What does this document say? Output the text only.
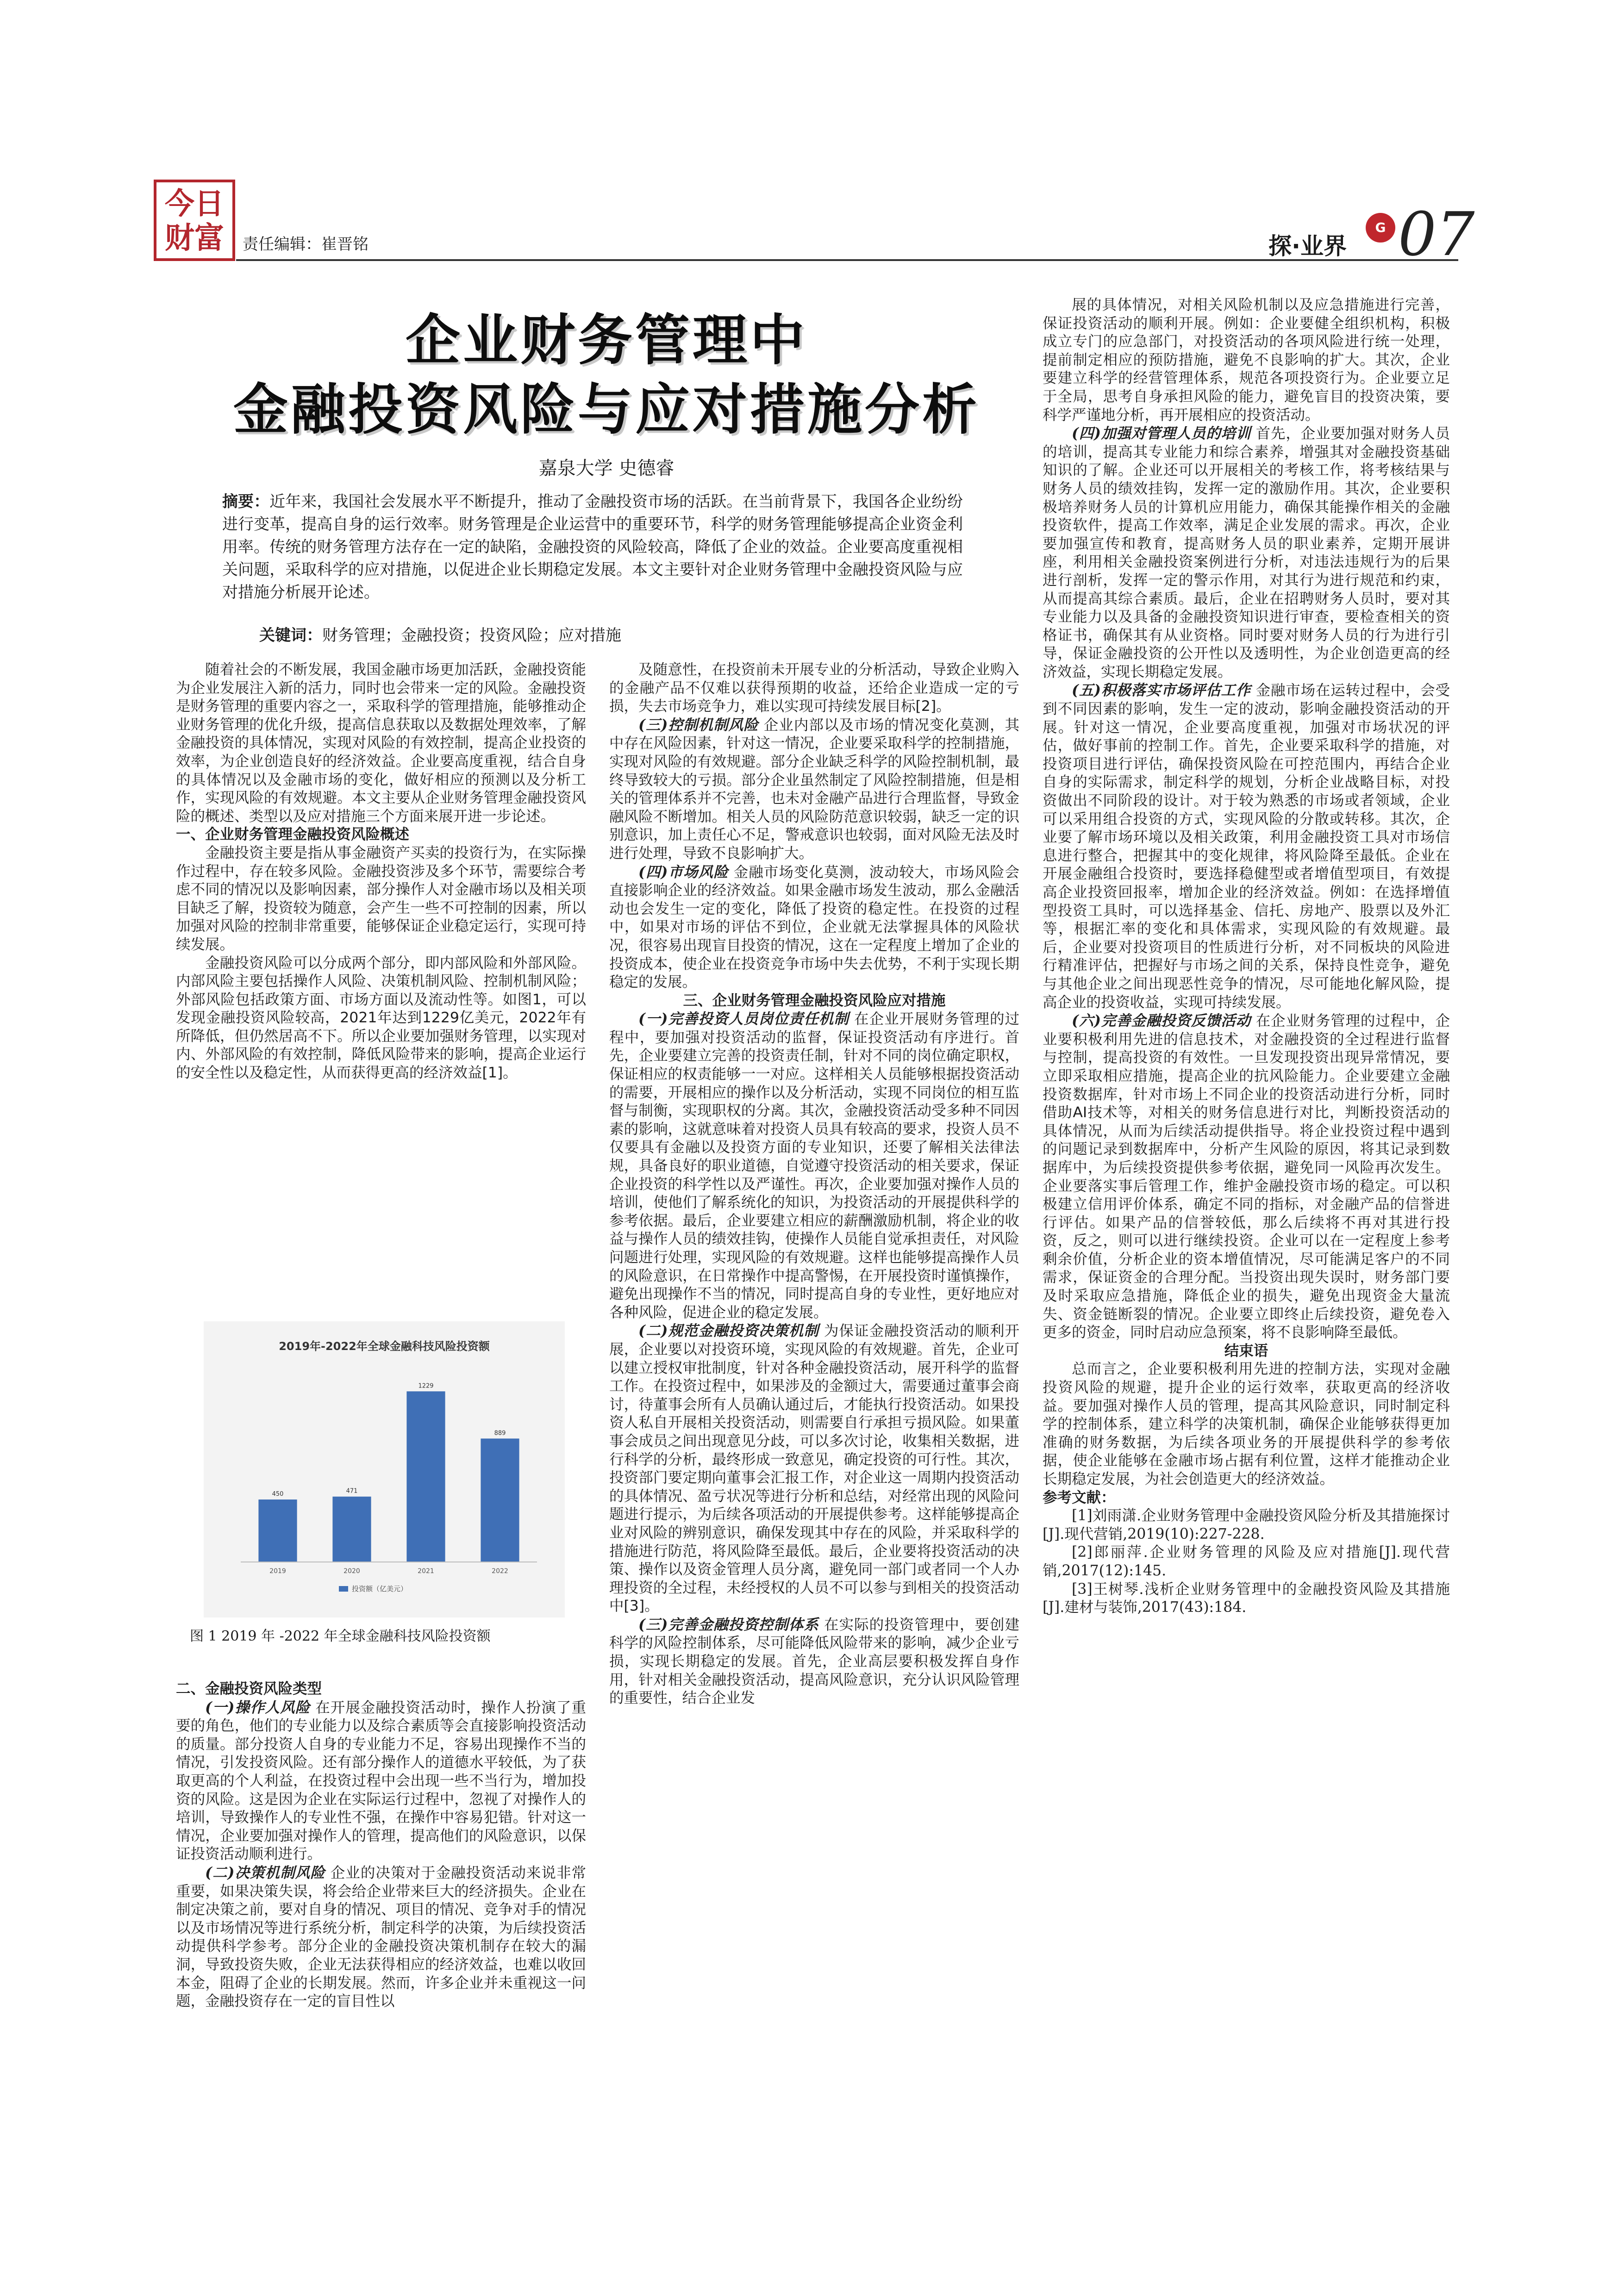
今日
财富	责任编辑：崔晋铭	探·业界
G 07
企业财务管理中
金融投资风险与应对措施分析
嘉泉大学 史德睿
摘要：近年来，我国社会发展水平不断提升，推动了金融投资市场的活跃。在当前背景下，我国各企业纷纷进行变革，提高自身的运行效率。财务管理是企业运营中的重要环节，科学的财务管理能够提高企业资金利用率。传统的财务管理方法存在一定的缺陷，金融投资的风险较高，降低了企业的效益。企业要高度重视相关问题，采取科学的应对措施，以促进企业长期稳定发展。本文主要针对企业财务管理中金融投资风险与应对措施分析展开论述。
关键词：财务管理；金融投资；投资风险；应对措施

随着社会的不断发展，我国金融市场更加活跃，金融投资能为企业发展注入新的活力，同时也会带来一定的风险。金融投资是财务管理的重要内容之一，采取科学的管理措施，能够推动企业财务管理的优化升级，提高信息获取以及数据处理效率，了解金融投资的具体情况，实现对风险的有效控制，提高企业投资的效率，为企业创造良好的经济效益。企业要高度重视，结合自身的具体情况以及金融市场的变化，做好相应的预测以及分析工作，实现风险的有效规避。本文主要从企业财务管理金融投资风险的概述、类型以及应对措施三个方面来展开进一步论述。

一、企业财务管理金融投资风险概述

金融投资主要是指从事金融资产买卖的投资行为，在实际操作过程中，存在较多风险。金融投资涉及多个环节，需要综合考虑不同的情况以及影响因素，部分操作人对金融市场以及相关项目缺乏了解，投资较为随意，会产生一些不可控制的因素，所以加强对风险的控制非常重要，能够保证企业稳定运行，实现可持续发展。

金融投资风险可以分成两个部分，即内部风险和外部风险。内部风险主要包括操作人风险、决策机制风险、控制机制风险；外部风险包括政策方面、市场方面以及流动性等。如图1，可以发现金融投资风险较高，2021年达到1229亿美元，2022年有所降低，但仍然居高不下。所以企业要加强财务管理，以实现对内、外部风险的有效控制，降低风险带来的影响，提高企业运行的安全性以及稳定性，从而获得更高的经济效益[1]。

2019年-2022年全球金融科技风险投资额
450
2019
471
2020
1229
2021
889
2022
投资额（亿美元）
图 1 2019 年 -2022 年全球金融科技风险投资额

二、金融投资风险类型

(一)操作人风险 在开展金融投资活动时，操作人扮演了重要的角色，他们的专业能力以及综合素质等会直接影响投资活动的质量。部分投资人自身的专业能力不足，容易出现操作不当的情况，引发投资风险。还有部分操作人的道德水平较低，为了获取更高的个人利益，在投资过程中会出现一些不当行为，增加投资的风险。这是因为企业在实际运行过程中，忽视了对操作人的培训，导致操作人的专业性不强，在操作中容易犯错。针对这一情况，企业要加强对操作人的管理，提高他们的风险意识，以保证投资活动顺利进行。

(二)决策机制风险 企业的决策对于金融投资活动来说非常重要，如果决策失误，将会给企业带来巨大的经济损失。企业在制定决策之前，要对自身的情况、项目的情况、竞争对手的情况以及市场情况等进行系统分析，制定科学的决策，为后续投资活动提供科学参考。部分企业的金融投资决策机制存在较大的漏洞，导致投资失败，企业无法获得相应的经济效益，也难以收回本金，阻碍了企业的长期发展。然而，许多企业并未重视这一问题，金融投资存在一定的盲目性以

及随意性，在投资前未开展专业的分析活动，导致企业购入的金融产品不仅难以获得预期的收益，还给企业造成一定的亏损，失去市场竞争力，难以实现可持续发展目标[2]。

(三)控制机制风险 企业内部以及市场的情况变化莫测，其中存在风险因素，针对这一情况，企业要采取科学的控制措施，实现对风险的有效规避。部分企业缺乏科学的风险控制机制，最终导致较大的亏损。部分企业虽然制定了风险控制措施，但是相关的管理体系并不完善，也未对金融产品进行合理监督，导致金融风险不断增加。相关人员的风险防范意识较弱，缺乏一定的识别意识，加上责任心不足，警戒意识也较弱，面对风险无法及时进行处理，导致不良影响扩大。

(四)市场风险 金融市场变化莫测，波动较大，市场风险会直接影响企业的经济效益。如果金融市场发生波动，那么金融活动也会发生一定的变化，降低了投资的稳定性。在投资的过程中，如果对市场的评估不到位，企业就无法掌握具体的风险状况，很容易出现盲目投资的情况，这在一定程度上增加了企业的投资成本，使企业在投资竞争市场中失去优势，不利于实现长期稳定的发展。

三、企业财务管理金融投资风险应对措施

(一)完善投资人员岗位责任机制 在企业开展财务管理的过程中，要加强对投资活动的监督，保证投资活动有序进行。首先，企业要建立完善的投资责任制，针对不同的岗位确定职权，保证相应的权责能够一一对应。这样相关人员能够根据投资活动的需要，开展相应的操作以及分析活动，实现不同岗位的相互监督与制衡，实现职权的分离。其次，金融投资活动受多种不同因素的影响，这就意味着对投资人员具有较高的要求，投资人员不仅要具有金融以及投资方面的专业知识，还要了解相关法律法规，具备良好的职业道德，自觉遵守投资活动的相关要求，保证企业投资的科学性以及严谨性。再次，企业要加强对操作人员的培训，使他们了解系统化的知识，为投资活动的开展提供科学的参考依据。最后，企业要建立相应的薪酬激励机制，将企业的收益与操作人员的绩效挂钩，使操作人员能自觉承担责任，对风险问题进行处理，实现风险的有效规避。这样也能够提高操作人员的风险意识，在日常操作中提高警惕，在开展投资时谨慎操作，避免出现操作不当的情况，同时提高自身的专业性，更好地应对各种风险，促进企业的稳定发展。

(二)规范金融投资决策机制 为保证金融投资活动的顺利开展，企业要以对投资环境，实现风险的有效规避。首先，企业可以建立授权审批制度，针对各种金融投资活动，展开科学的监督工作。在投资过程中，如果涉及的金额过大，需要通过董事会商讨，待董事会所有人员确认通过后，才能执行投资活动。如果投资人私自开展相关投资活动，则需要自行承担亏损风险。如果董事会成员之间出现意见分歧，可以多次讨论，收集相关数据，进行科学的分析，最终形成一致意见，确定投资的可行性。其次，投资部门要定期向董事会汇报工作，对企业这一周期内投资活动的具体情况、盈亏状况等进行分析和总结，对经常出现的风险问题进行提示，为后续各项活动的开展提供参考。这样能够提高企业对风险的辨别意识，确保发现其中存在的风险，并采取科学的措施进行防范，将风险降至最低。最后，企业要将投资活动的决策、操作以及资金管理人员分离，避免同一部门或者同一个人办理投资的全过程，未经授权的人员不可以参与到相关的投资活动中[3]。

(三)完善金融投资控制体系 在实际的投资管理中，要创建科学的风险控制体系，尽可能降低风险带来的影响，减少企业亏损，实现长期稳定的发展。首先，企业高层要积极发挥自身作用，针对相关金融投资活动，提高风险意识，充分认识风险管理的重要性，结合企业发

展的具体情况，对相关风险机制以及应急措施进行完善，保证投资活动的顺利开展。例如：企业要健全组织机构，积极成立专门的应急部门，对投资活动的各项风险进行统一处理，提前制定相应的预防措施，避免不良影响的扩大。其次，企业要建立科学的经营管理体系，规范各项投资行为。企业要立足于全局，思考自身承担风险的能力，避免盲目的投资决策，要科学严谨地分析，再开展相应的投资活动。

(四)加强对管理人员的培训 首先，企业要加强对财务人员的培训，提高其专业能力和综合素养，增强其对金融投资基础知识的了解。企业还可以开展相关的考核工作，将考核结果与财务人员的绩效挂钩，发挥一定的激励作用。其次，企业要积极培养财务人员的计算机应用能力，确保其能操作相关的金融投资软件，提高工作效率，满足企业发展的需求。再次，企业要加强宣传和教育，提高财务人员的职业素养，定期开展讲座，利用相关金融投资案例进行分析，对违法违规行为的后果进行剖析，发挥一定的警示作用，对其行为进行规范和约束，从而提高其综合素质。最后，企业在招聘财务人员时，要对其专业能力以及具备的金融投资知识进行审查，要检查相关的资格证书，确保其有从业资格。同时要对财务人员的行为进行引导，保证金融投资的公开性以及透明性，为企业创造更高的经济效益，实现长期稳定发展。

(五)积极落实市场评估工作 金融市场在运转过程中，会受到不同因素的影响，发生一定的波动，影响金融投资活动的开展。针对这一情况，企业要高度重视，加强对市场状况的评估，做好事前的控制工作。首先，企业要采取科学的措施，对投资项目进行评估，确保投资风险在可控范围内，再结合企业自身的实际需求，制定科学的规划，分析企业战略目标，对投资做出不同阶段的设计。对于较为熟悉的市场或者领域，企业可以采用组合投资的方式，实现风险的分散或转移。其次，企业要了解市场环境以及相关政策，利用金融投资工具对市场信息进行整合，把握其中的变化规律，将风险降至最低。企业在开展金融组合投资时，要选择稳健型或者增值型项目，有效提高企业投资回报率，增加企业的经济效益。例如：在选择增值型投资工具时，可以选择基金、信托、房地产、股票以及外汇等，根据汇率的变化和具体需求，实现风险的有效规避。最后，企业要对投资项目的性质进行分析，对不同板块的风险进行精准评估，把握好与市场之间的关系，保持良性竞争，避免与其他企业之间出现恶性竞争的情况，尽可能地化解风险，提高企业的投资收益，实现可持续发展。

(六)完善金融投资反馈活动 在企业财务管理的过程中，企业要积极利用先进的信息技术，对金融投资的全过程进行监督与控制，提高投资的有效性。一旦发现投资出现异常情况，要立即采取相应措施，提高企业的抗风险能力。企业要建立金融投资数据库，针对市场上不同企业的投资活动进行分析，同时借助AI技术等，对相关的财务信息进行对比，判断投资活动的具体情况，从而为后续活动提供指导。将企业投资过程中遇到的问题记录到数据库中，分析产生风险的原因，将其记录到数据库中，为后续投资提供参考依据，避免同一风险再次发生。企业要落实事后管理工作，维护金融投资市场的稳定。可以积极建立信用评价体系，确定不同的指标，对金融产品的信誉进行评估。如果产品的信誉较低，那么后续将不再对其进行投资，反之，则可以进行继续投资。企业可以在一定程度上参考剩余价值，分析企业的资本增值情况，尽可能满足客户的不同需求，保证资金的合理分配。当投资出现失误时，财务部门要及时采取应急措施，降低企业的损失，避免出现资金大量流失、资金链断裂的情况。企业要立即终止后续投资，避免卷入更多的资金，同时启动应急预案，将不良影响降至最低。

结束语

总而言之，企业要积极利用先进的控制方法，实现对金融投资风险的规避，提升企业的运行效率，获取更高的经济收益。要加强对操作人员的管理，提高其风险意识，同时制定科学的控制体系，建立科学的决策机制，确保企业能够获得更加准确的财务数据，为后续各项业务的开展提供科学的参考依据，使企业能够在金融市场占据有利位置，这样才能推动企业长期稳定发展，为社会创造更大的经济效益。

参考文献：

[1]刘雨潇.企业财务管理中金融投资风险分析及其措施探讨[J].现代营销,2019(10):227-228.

[2]郎丽萍.企业财务管理的风险及应对措施[J].现代营销,2017(12):145.

[3]王树琴.浅析企业财务管理中的金融投资风险及其措施[J].建材与装饰,2017(43):184.
